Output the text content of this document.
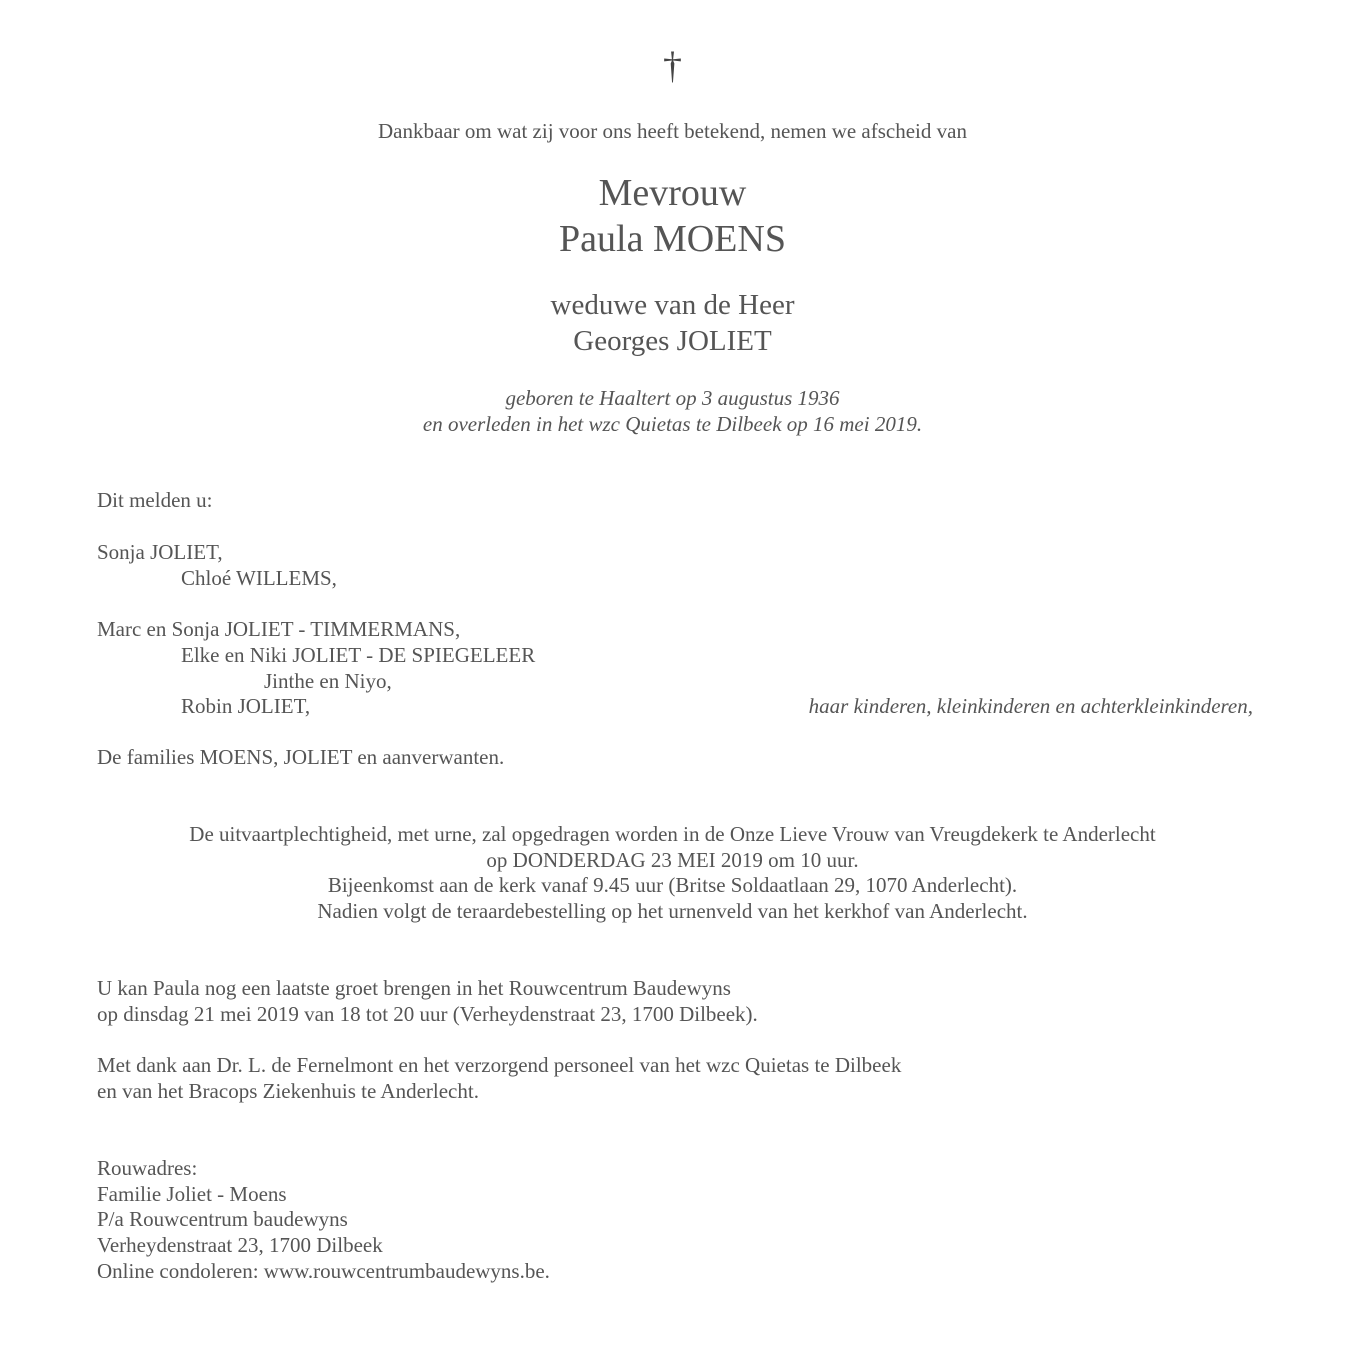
†
Dankbaar om wat zij voor ons heeft betekend, nemen we afscheid van
Mevrouw
Paula MOENS
weduwe van de Heer
Georges JOLIET
geboren te Haaltert op 3 augustus 1936
en overleden in het wzc Quietas te Dilbeek op 16 mei 2019.
Dit melden u:
Sonja JOLIET,
Chloé WILLEMS,
Marc en Sonja JOLIET - TIMMERMANS,
Elke en Niki JOLIET - DE SPIEGELEER
Jinthe en Niyo,
Robin JOLIET,	haar kinderen, kleinkinderen en achterkleinkinderen,
De families MOENS, JOLIET en aanverwanten.
De uitvaartplechtigheid, met urne, zal opgedragen worden in de Onze Lieve Vrouw van Vreugdekerk te Anderlecht
op DONDERDAG 23 MEI 2019 om 10 uur.
Bijeenkomst aan de kerk vanaf 9.45 uur (Britse Soldaatlaan 29, 1070 Anderlecht).
Nadien volgt de teraardebestelling op het urnenveld van het kerkhof van Anderlecht.
U kan Paula nog een laatste groet brengen in het Rouwcentrum Baudewyns
op dinsdag 21 mei 2019 van 18 tot 20 uur (Verheydenstraat 23, 1700 Dilbeek).
Met dank aan Dr. L. de Fernelmont en het verzorgend personeel van het wzc Quietas te Dilbeek
en van het Bracops Ziekenhuis te Anderlecht.
Rouwadres:
Familie Joliet - Moens
P/a Rouwcentrum baudewyns
Verheydenstraat 23, 1700 Dilbeek
Online condoleren: www.rouwcentrumbaudewyns.be.
